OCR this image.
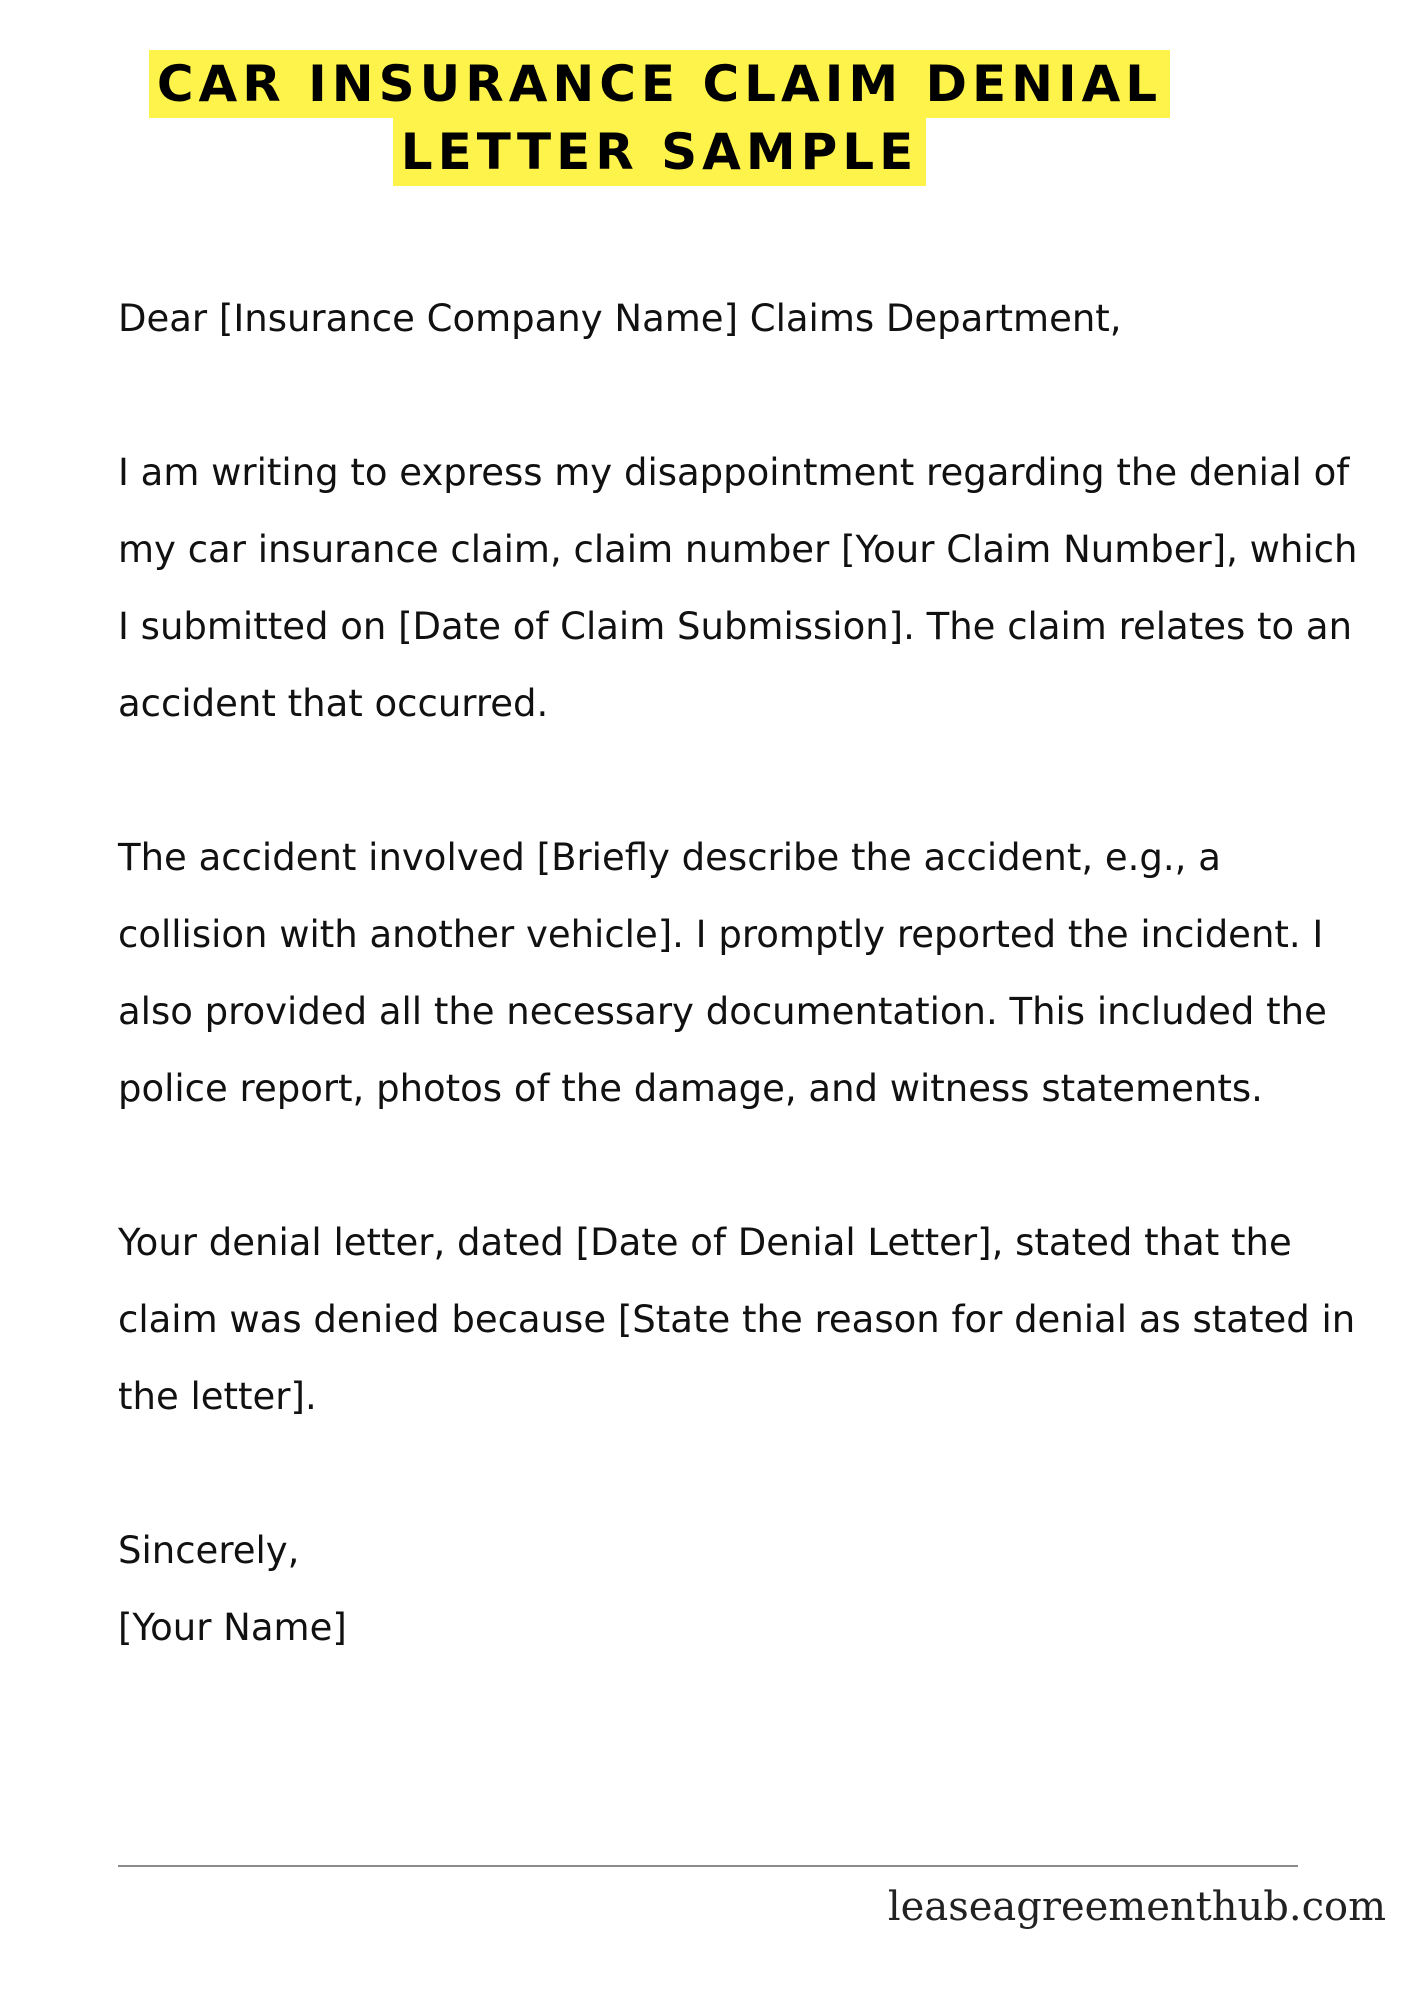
CAR INSURANCE CLAIM DENIAL
LETTER SAMPLE

Dear [Insurance Company Name] Claims Department,

I am writing to express my disappointment regarding the denial of my car insurance claim, claim number [Your Claim Number], which I submitted on [Date of Claim Submission]. The claim relates to an accident that occurred.

The accident involved [Briefly describe the accident, e.g., a collision with another vehicle]. I promptly reported the incident. I also provided all the necessary documentation. This included the police report, photos of the damage, and witness statements.

Your denial letter, dated [Date of Denial Letter], stated that the claim was denied because [State the reason for denial as stated in the letter].

Sincerely,
[Your Name]
leaseagreementhub.com
